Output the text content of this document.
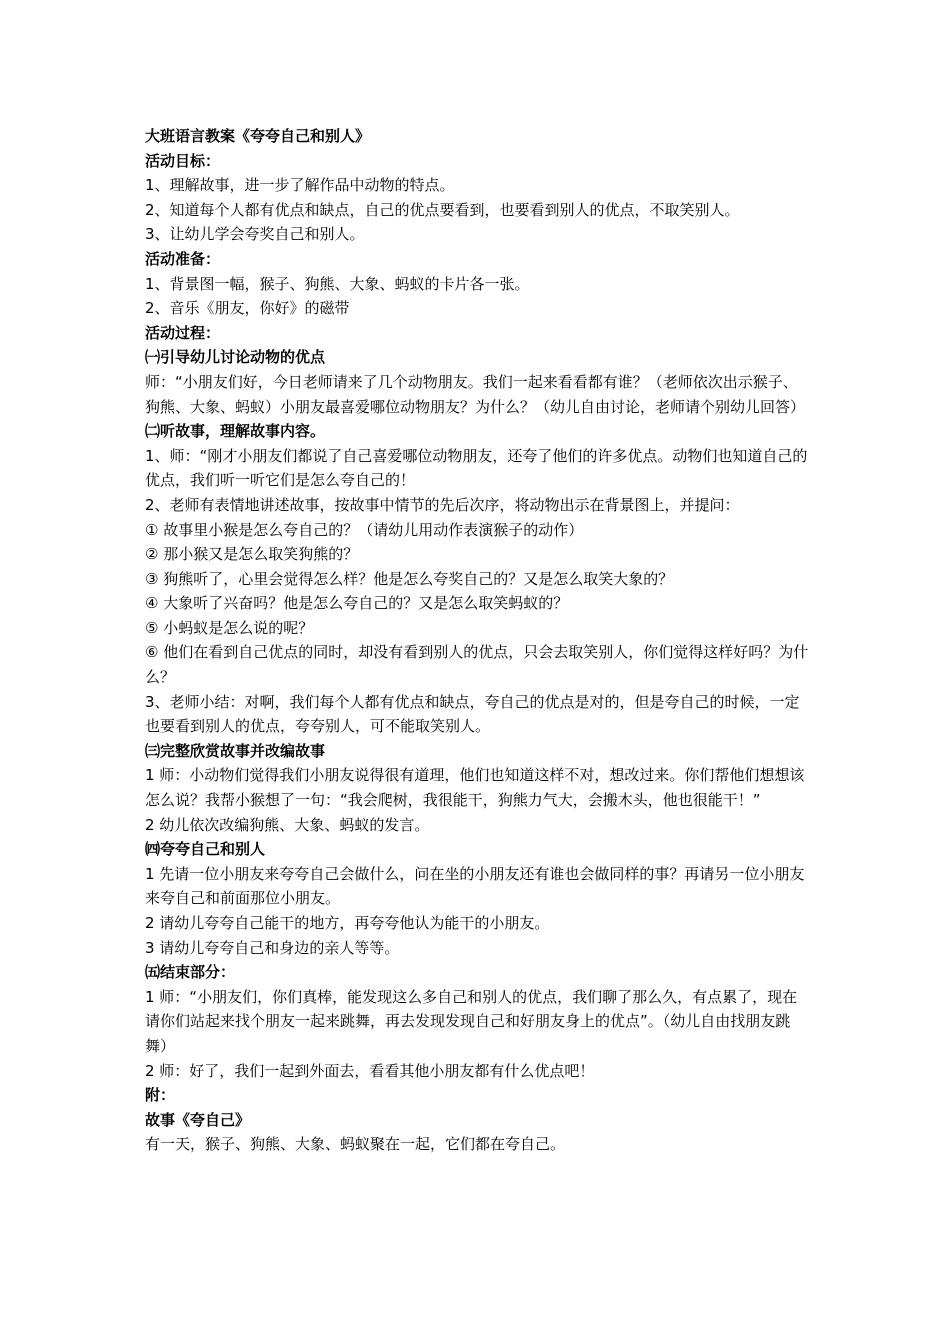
大班语言教案《夸夸自己和别人》

活动目标：

1、理解故事，进一步了解作品中动物的特点。

2、知道每个人都有优点和缺点，自己的优点要看到，也要看到别人的优点，不取笑别人。

3、让幼儿学会夸奖自己和别人。

活动准备：

1、背景图一幅，猴子、狗熊、大象、蚂蚁的卡片各一张。

2、音乐《朋友，你好》的磁带

活动过程：

㈠引导幼儿讨论动物的优点

师：“小朋友们好，今日老师请来了几个动物朋友。我们一起来看看都有谁？（老师依次出示猴子、狗熊、大象、蚂蚁）小朋友最喜爱哪位动物朋友？为什么？（幼儿自由讨论，老师请个别幼儿回答）

㈡听故事，理解故事内容。

1、师：“刚才小朋友们都说了自己喜爱哪位动物朋友，还夸了他们的许多优点。动物们也知道自己的优点，我们听一听它们是怎么夸自己的！

2、老师有表情地讲述故事，按故事中情节的先后次序，将动物出示在背景图上，并提问：

① 故事里小猴是怎么夸自己的？（请幼儿用动作表演猴子的动作）

② 那小猴又是怎么取笑狗熊的？

③ 狗熊听了，心里会觉得怎么样？他是怎么夸奖自己的？又是怎么取笑大象的？

④ 大象听了兴奋吗？他是怎么夸自己的？又是怎么取笑蚂蚁的？

⑤ 小蚂蚁是怎么说的呢？

⑥ 他们在看到自己优点的同时，却没有看到别人的优点，只会去取笑别人，你们觉得这样好吗？为什么？

3、老师小结：对啊，我们每个人都有优点和缺点，夸自己的优点是对的，但是夸自己的时候，一定也要看到别人的优点，夸夸别人，可不能取笑别人。

㈢完整欣赏故事并改编故事

1 师：小动物们觉得我们小朋友说得很有道理，他们也知道这样不对，想改过来。你们帮他们想想该怎么说？我帮小猴想了一句：“我会爬树，我很能干，狗熊力气大，会搬木头，他也很能干！”

2 幼儿依次改编狗熊、大象、蚂蚁的发言。

㈣夸夸自己和别人

1 先请一位小朋友来夸夸自己会做什么，问在坐的小朋友还有谁也会做同样的事？再请另一位小朋友来夸自己和前面那位小朋友。

2 请幼儿夸夸自己能干的地方，再夸夸他认为能干的小朋友。

3 请幼儿夸夸自己和身边的亲人等等。

㈤结束部分：

1 师：“小朋友们，你们真棒，能发现这么多自己和别人的优点，我们聊了那么久，有点累了，现在请你们站起来找个朋友一起来跳舞，再去发现发现自己和好朋友身上的优点”。（幼儿自由找朋友跳舞）

2 师：好了，我们一起到外面去，看看其他小朋友都有什么优点吧！

附：

故事《夸自己》

有一天，猴子、狗熊、大象、蚂蚁聚在一起，它们都在夸自己。
